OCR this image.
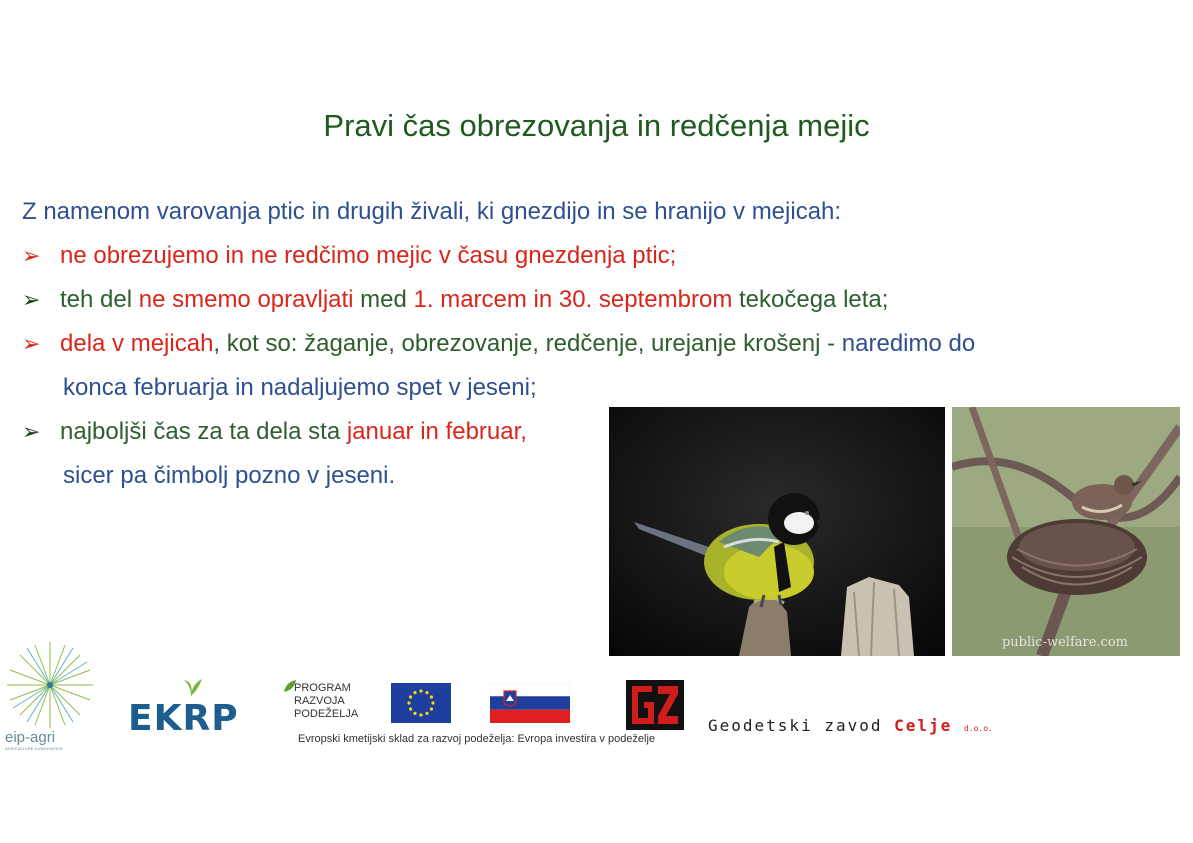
Pravi čas obrezovanja in redčenja mejic
Z namenom varovanja ptic in drugih živali, ki gnezdijo in se hranijo v mejicah:
➢ ne obrezujemo in ne redčimo mejic v času gnezdenja ptic;
➢ teh del ne smemo opravljati med 1. marcem in 30. septembrom tekočega leta;
➢ dela v mejicah, kot so: žaganje, obrezovanje, redčenje, urejanje krošenj - naredimo do
konca februarja in nadaljujemo spet v jeseni;
➢ najboljši čas za ta dela sta januar in februar,
sicer pa čimbolj pozno v jeseni.
public-welfare.com
eip-agri
AGRICULTURE & INNOVATION
EKRP
PROGRAM
RAZVOJA
PODEŽELJA
Evropski kmetijski sklad za razvoj podeželja: Evropa investira v podeželje
Geodetski zavod Celje d.o.o.
